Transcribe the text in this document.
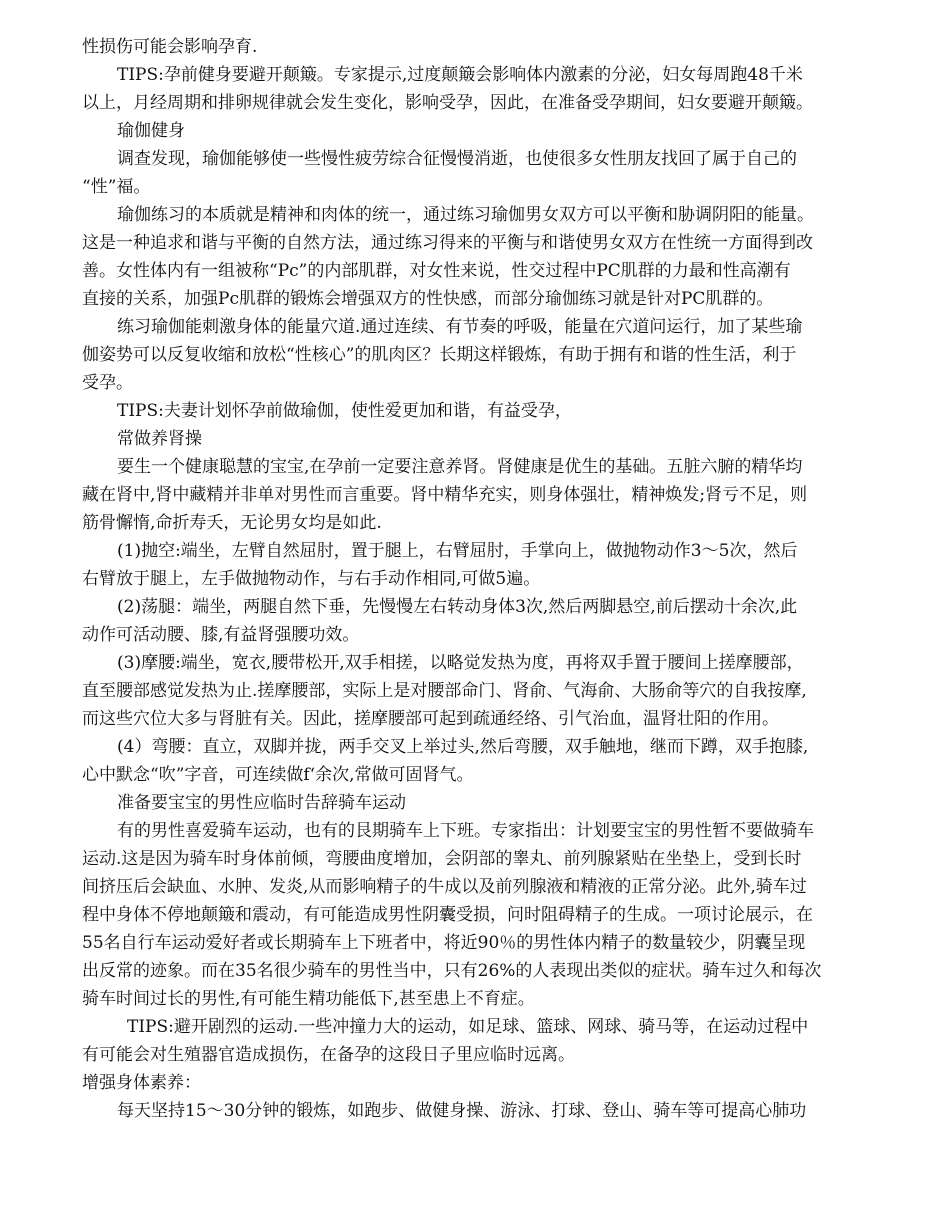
性损伤可能会影响孕育.
TIPS:孕前健身要避开颠簸。专家提示,过度颠簸会影响体内激素的分泌，妇女每周跑48千米
以上，月经周期和排卵规律就会发生变化，影响受孕，因此，在准备受孕期间，妇女要避开颠簸。
瑜伽健身
调查发现，瑜伽能够使一些慢性疲劳综合征慢慢消逝，也使很多女性朋友找回了属于自己的
“性”福。
瑜伽练习的本质就是精神和肉体的统一，通过练习瑜伽男女双方可以平衡和胁调阴阳的能量。
这是一种追求和谐与平衡的自然方法，通过练习得来的平衡与和谐使男女双方在性统一方面得到改
善。女性体内有一组被称“Pc”的内部肌群，对女性来说，性交过程中PC肌群的力最和性高潮有
直接的关系，加强Pc肌群的锻炼会增强双方的性快感，而部分瑜伽练习就是针对PC肌群的。
练习瑜伽能刺激身体的能量穴道.通过连续、有节奏的呼吸，能量在穴道问运行，加了某些瑜
伽姿势可以反复收缩和放松“性核心”的肌肉区？长期这样锻炼，有助于拥有和谐的性生活，利于
受孕。
TIPS:夫妻计划怀孕前做瑜伽，使性爱更加和谐，有益受孕，
常做养肾操
要生一个健康聪慧的宝宝,在孕前一定要注意养肾。肾健康是优生的基础。五脏六腑的精华均
藏在肾中,肾中藏精并非单对男性而言重要。肾中精华充实，则身体强壮，精神焕发;肾亏不足，则
筋骨懈惰,命折寿夭，无论男女均是如此.
(1)抛空:端坐，左臂自然屈肘，置于腿上，右臂屈肘，手掌向上，做抛物动作3～5次，然后
右臂放于腿上，左手做抛物动作，与右手动作相同,可做5遍。
(2)荡腿：端坐，两腿自然下垂，先慢慢左右转动身体3次,然后两脚悬空,前后摆动十余次,此
动作可活动腰、膝,有益肾强腰功效。
(3)摩腰:端坐，宽衣,腰带松开,双手相搓，以略觉发热为度，再将双手置于腰间上搓摩腰部，
直至腰部感觉发热为止.搓摩腰部，实际上是对腰部命门、肾俞、气海俞、大肠俞等穴的自我按摩,
而这些穴位大多与肾脏有关。因此，搓摩腰部可起到疏通经络、引气治血，温肾壮阳的作用。
(4）弯腰：直立，双脚并拢，两手交叉上举过头,然后弯腰，双手触地，继而下蹲，双手抱膝,
心中默念“吹”字音，可连续做f‘余次,常做可固肾气。
准备要宝宝的男性应临时告辞骑车运动
有的男性喜爱骑车运动，也有的艮期骑车上下班。专家指出：计划要宝宝的男性暂不要做骑车
运动.这是因为骑车时身体前倾，弯腰曲度增加，会阴部的睾丸、前列腺紧贴在坐垫上，受到长时
间挤压后会缺血、水肿、发炎,从而影响精子的牛成以及前列腺液和精液的正常分泌。此外,骑车过
程中身体不停地颠簸和震动，有可能造成男性阴囊受损，问时阻碍精子的生成。一项讨论展示，在
55名自行车运动爱好者或长期骑车上下班者中，将近90％的男性体内精子的数量较少，阴囊呈现
出反常的迹象。而在35名很少骑车的男性当中，只有26%的人表现出类似的症状。骑车过久和每次
骑车时间过长的男性,有可能生精功能低下,甚至患上不育症。
TIPS:避开剧烈的运动.一些冲撞力大的运动，如足球、篮球、网球、骑马等，在运动过程中
有可能会对生殖器官造成损伤，在备孕的这段日子里应临时远离。
增强身体素养：
每天坚持15～30分钟的锻炼，如跑步、做健身操、游泳、打球、登山、骑车等可提高心肺功
